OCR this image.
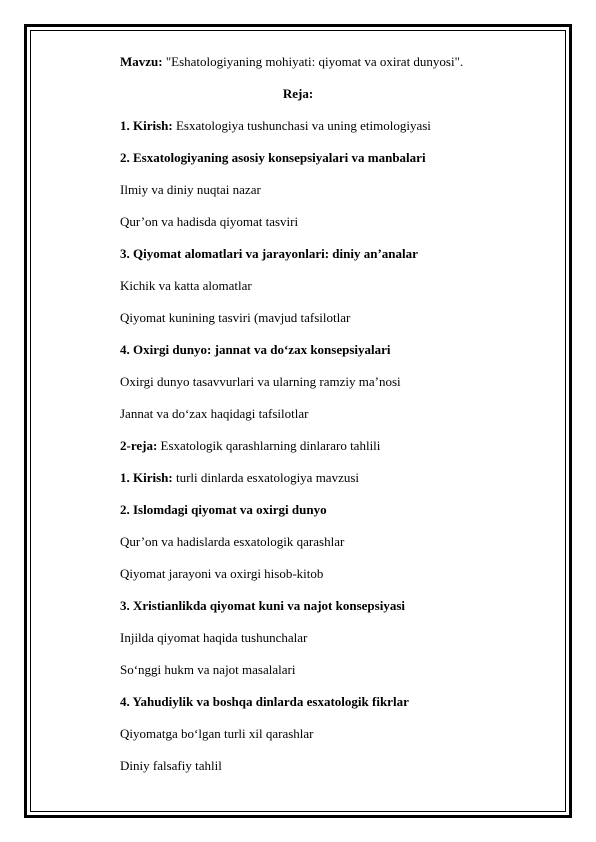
Mavzu: "Eshatologiyaning mohiyati: qiyomat va oxirat dunyosi".
Reja:
1. Kirish: Esxatologiya tushunchasi va uning etimologiyasi
2. Esxatologiyaning asosiy konsepsiyalari va manbalari
Ilmiy va diniy nuqtai nazar
Qur’on va hadisda qiyomat tasviri
3. Qiyomat alomatlari va jarayonlari: diniy an’analar
Kichik va katta alomatlar
Qiyomat kunining tasviri (mavjud tafsilotlar
4. Oxirgi dunyo: jannat va do‘zax konsepsiyalari
Oxirgi dunyo tasavvurlari va ularning ramziy ma’nosi
Jannat va do‘zax haqidagi tafsilotlar
2-reja: Esxatologik qarashlarning dinlararo tahlili
1. Kirish: turli dinlarda esxatologiya mavzusi
2. Islomdagi qiyomat va oxirgi dunyo
Qur’on va hadislarda esxatologik qarashlar
Qiyomat jarayoni va oxirgi hisob-kitob
3. Xristianlikda qiyomat kuni va najot konsepsiyasi
Injilda qiyomat haqida tushunchalar
So‘nggi hukm va najot masalalari
4. Yahudiylik va boshqa dinlarda esxatologik fikrlar
Qiyomatga bo‘lgan turli xil qarashlar
Diniy falsafiy tahlil
